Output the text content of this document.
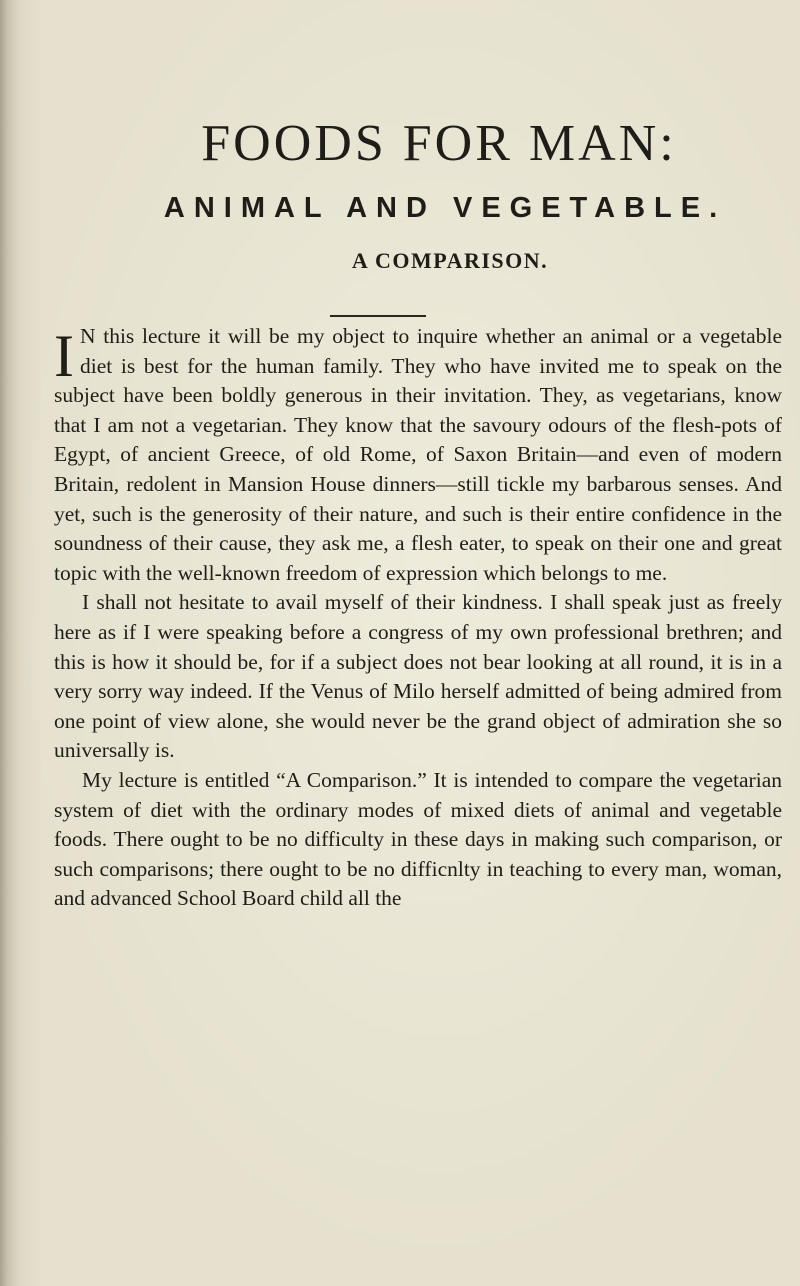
FOODS FOR MAN:
ANIMAL AND VEGETABLE.
A COMPARISON.

I N this lecture it will be my object to inquire whether an animal or a vegetable diet is best for the human family. They who have invited me to speak on the subject have been boldly generous in their invitation. They, as vegetarians, know that I am not a vegetarian. They know that the savoury odours of the flesh-pots of Egypt, of ancient Greece, of old Rome, of Saxon Britain—and even of modern Britain, redolent in Mansion House dinners—still tickle my barbarous senses. And yet, such is the generosity of their nature, and such is their entire confidence in the soundness of their cause, they ask me, a flesh eater, to speak on their one and great topic with the well-known freedom of expression which belongs to me.

I shall not hesitate to avail myself of their kindness. I shall speak just as freely here as if I were speaking before a congress of my own professional brethren; and this is how it should be, for if a subject does not bear looking at all round, it is in a very sorry way indeed. If the Venus of Milo herself admitted of being admired from one point of view alone, she would never be the grand object of admiration she so universally is.

My lecture is entitled “A Comparison.” It is intended to compare the vegetarian system of diet with the ordinary modes of mixed diets of animal and vegetable foods. There ought to be no difficulty in these days in making such comparison, or such comparisons; there ought to be no difficnlty in teaching to every man, woman, and advanced School Board child all the
